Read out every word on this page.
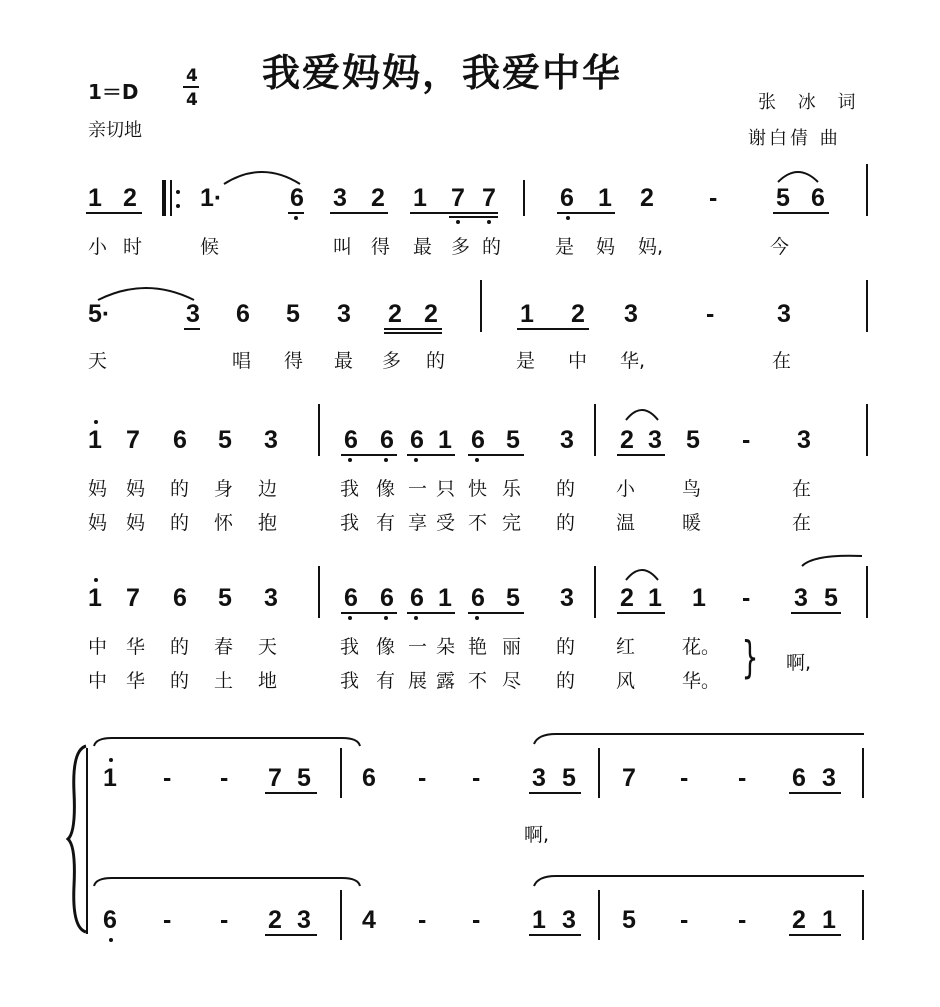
1＝D
4
4
我爱妈妈，我爱中华
亲切地
张 冰 词
谢白倩 曲
1 2	1·	6 3 2 1 7 7	6 1 2 - 5 6
小 时	候	叫 得 最 多 的	是 妈 妈,	今
5·	3 6 5 3 2 2	1 2 3	-	3
天	唱 得 最 多 的	是 中 华,	在
1 7 6 5 3	6 6 6 1 6 5 3 2 3 5 - 3
妈 妈 的 身 边	我 像 一 只 快 乐 的 小 鸟	在
妈 妈 的 怀 抱	我 有 享 受 不 完 的 温 暖	在
1 7 6 5 3	6 6 6 1 6 5 3 2 1 1 - 3 5
中 华 的 春 天	我 像 一 朵 艳 丽 的 红 花。
中 华 的 土 地	我 有 展 露 不 尽 的 风 华。 } 啊,
1 - - 7 5 6 - - 3 5 7 - - 6 3
啊,
6 - - 2 3 4 - - 1 3 5 - - 2 1
